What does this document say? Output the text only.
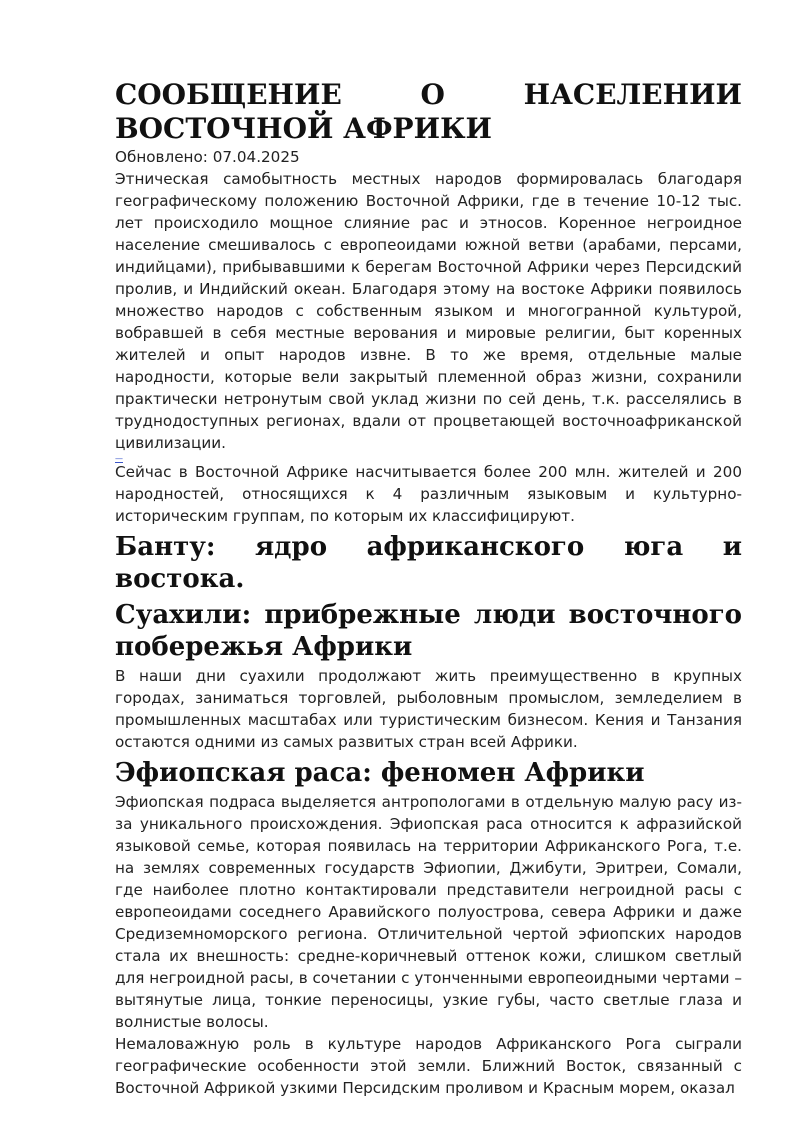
СООБЩЕНИЕ О НАСЕЛЕНИИ ВОСТОЧНОЙ АФРИКИ
Обновлено: 07.04.2025

Этническая самобытность местных народов формировалась благодаря географическому положению Восточной Африки, где в течение 10-12 тыс. лет происходило мощное слияние рас и этносов. Коренное негроидное население смешивалось с европеоидами южной ветви (арабами, персами, индийцами), прибывавшими к берегам Восточной Африки через Персидский пролив, и Индийский океан. Благодаря этому на востоке Африки появилось множество народов с собственным языком и многогранной культурой, вобравшей в себя местные верования и мировые религии, быт коренных жителей и опыт народов извне. В то же время, отдельные малые народности, которые вели закрытый племенной образ жизни, сохранили практически нетронутым свой уклад жизни по сей день, т.к. расселялись в труднодоступных регионах, вдали от процветающей восточноафриканской цивилизации.

—

Сейчас в Восточной Африке насчитывается более 200 млн. жителей и 200 народностей, относящихся к 4 различным языковым и культурно-историческим группам, по которым их классифицируют.

Банту: ядро африканского юга и востока.
Суахили: прибрежные люди восточного побережья Африки

В наши дни суахили продолжают жить преимущественно в крупных городах, заниматься торговлей, рыболовным промыслом, земледелием в промышленных масштабах или туристическим бизнесом. Кения и Танзания остаются одними из самых развитых стран всей Африки.

Эфиопская раса: феномен Африки

Эфиопская подраса выделяется антропологами в отдельную малую расу из-за уникального происхождения. Эфиопская раса относится к афразийской языковой семье, которая появилась на территории Африканского Рога, т.е. на землях современных государств Эфиопии, Джибути, Эритреи, Сомали, где наиболее плотно контактировали представители негроидной расы с европеоидами соседнего Аравийского полуострова, севера Африки и даже Средиземноморского региона. Отличительной чертой эфиопских народов стала их внешность: средне-коричневый оттенок кожи, слишком светлый для негроидной расы, в сочетании с утонченными европеоидными чертами – вытянутые лица, тонкие переносицы, узкие губы, часто светлые глаза и волнистые волосы.

Немаловажную роль в культуре народов Африканского Рога сыграли географические особенности этой земли. Ближний Восток, связанный с Восточной Африкой узкими Персидским проливом и Красным морем, оказал
